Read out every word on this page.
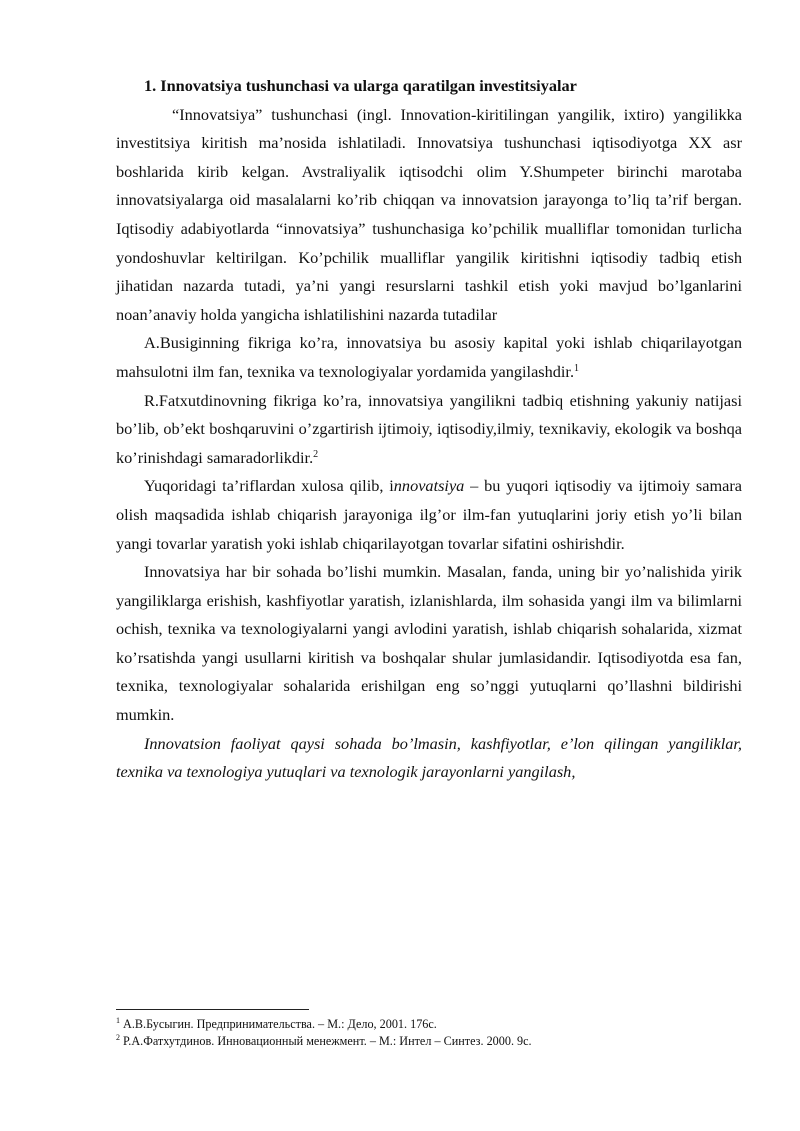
1. Innovatsiya tushunchasi va ularga qaratilgan investitsiyalar

“Innovatsiya” tushunchasi (ingl. Innovation-kiritilingan yangilik, ixtiro) yangilikka investitsiya kiritish ma’nosida ishlatiladi. Innovatsiya tushunchasi iqtisodiyotga XX asr boshlarida kirib kelgan. Avstraliyalik iqtisodchi olim Y.Shumpeter birinchi marotaba innovatsiyalarga oid masalalarni ko’rib chiqqan va innovatsion jarayonga to’liq ta’rif bergan. Iqtisodiy adabiyotlarda “innovatsiya” tushunchasiga ko’pchilik mualliflar tomonidan turlicha yondoshuvlar keltirilgan. Ko’pchilik mualliflar yangilik kiritishni iqtisodiy tadbiq etish jihatidan nazarda tutadi, ya’ni yangi resurslarni tashkil etish yoki mavjud bo’lganlarini noan’anaviy holda yangicha ishlatilishini nazarda tutadilar

A.Busiginning fikriga ko’ra, innovatsiya bu asosiy kapital yoki ishlab chiqarilayotgan mahsulotni ilm fan, texnika va texnologiyalar yordamida yangilashdir.$^1$

R.Fatxutdinovning fikriga ko’ra, innovatsiya yangilikni tadbiq etishning yakuniy natijasi bo’lib, ob’ekt boshqaruvini o’zgartirish ijtimoiy, iqtisodiy,ilmiy, texnikaviy, ekologik va boshqa ko’rinishdagi samaradorlikdir.$^2$

Yuqoridagi ta’riflardan xulosa qilib, innovatsiya – bu yuqori iqtisodiy va ijtimoiy samara olish maqsadida ishlab chiqarish jarayoniga ilg’or ilm-fan yutuqlarini joriy etish yo’li bilan yangi tovarlar yaratish yoki ishlab chiqarilayotgan tovarlar sifatini oshirishdir.

Innovatsiya har bir sohada bo’lishi mumkin. Masalan, fanda, uning bir yo’nalishida yirik yangiliklarga erishish, kashfiyotlar yaratish, izlanishlarda, ilm sohasida yangi ilm va bilimlarni ochish, texnika va texnologiyalarni yangi avlodini yaratish, ishlab chiqarish sohalarida, xizmat ko’rsatishda yangi usullarni kiritish va boshqalar shular jumlasidandir. Iqtisodiyotda esa fan, texnika, texnologiyalar sohalarida erishilgan eng so’nggi yutuqlarni qo’llashni bildirishi mumkin.

Innovatsion faoliyat qaysi sohada bo’lmasin, kashfiyotlar, e’lon qilingan yangiliklar, texnika va texnologiya yutuqlari va texnologik jarayonlarni yangilash,

$^1$ А.В.Бусыгин. Предпринимательства. – М.: Дело, 2001. 176с.

$^2$ Р.А.Фатхутдинов. Инновационный менежмент. – М.: Интел – Синтез. 2000. 9с.
